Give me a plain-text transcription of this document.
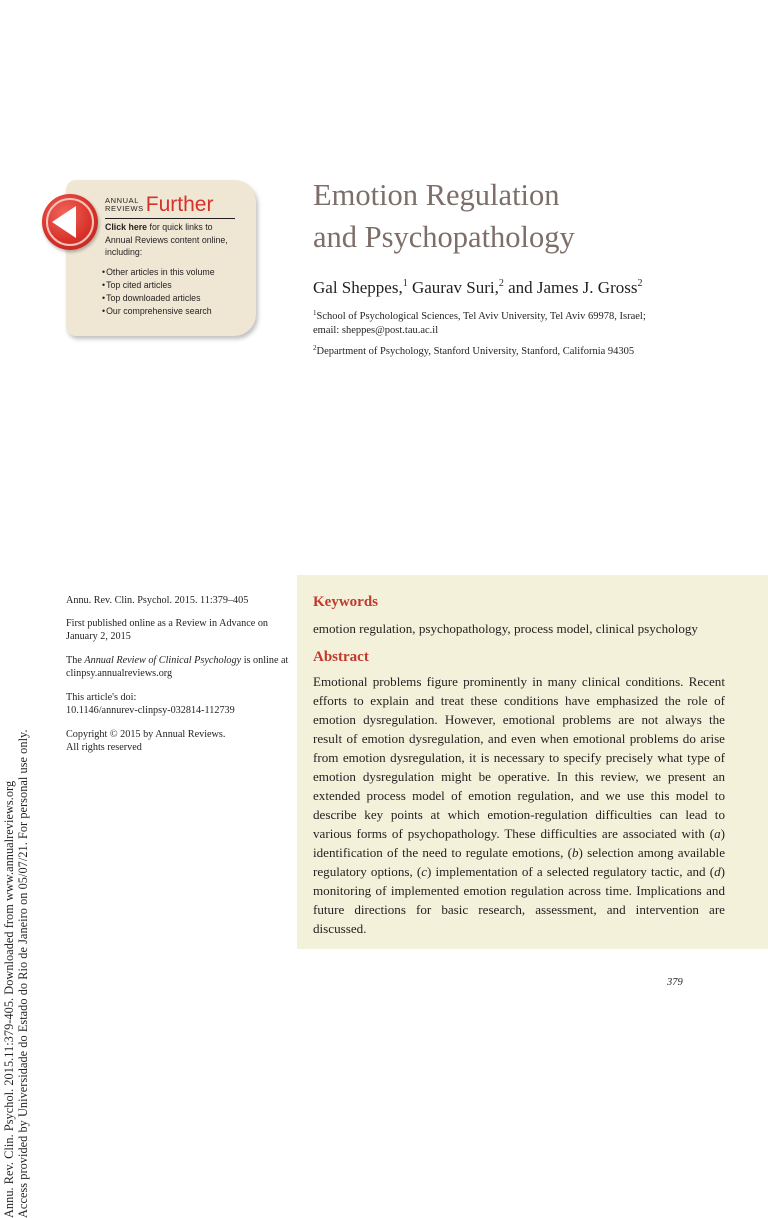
Annu. Rev. Clin. Psychol. 2015.11:379-405. Downloaded from www.annualreviews.org Access provided by Universidade do Estado do Rio de Janeiro on 05/07/21. For personal use only.
ANNUAL
REVIEWSFurther
Click here for quick links to
Annual Reviews content online,
including:
• Other articles in this volume
• Top cited articles
• Top downloaded articles
• Our comprehensive search
Emotion Regulation
and Psychopathology
Gal Sheppes,$^1$ Gaurav Suri,$^2$ and James J. Gross$^2$
$^1$School of Psychological Sciences, Tel Aviv University, Tel Aviv 69978, Israel;
email: sheppes@post.tau.ac.il
$^2$Department of Psychology, Stanford University, Stanford, California 94305
Annu. Rev. Clin. Psychol. 2015. 11:379–405
First published online as a Review in Advance on
January 2, 2015
The Annual Review of Clinical Psychology is online at
clinpsy.annualreviews.org
This article's doi:
10.1146/annurev-clinpsy-032814-112739
Copyright © 2015 by Annual Reviews.
All rights reserved
Keywords
emotion regulation, psychopathology, process model, clinical psychology
Abstract

Emotional problems figure prominently in many clinical conditions. Recent efforts to explain and treat these conditions have emphasized the role of emotion dysregulation. However, emotional problems are not always the result of emotion dysregulation, and even when emotional problems do arise from emotion dysregulation, it is necessary to specify precisely what type of emotion dysregulation might be operative. In this review, we present an extended process model of emotion regulation, and we use this model to describe key points at which emotion-regulation difficulties can lead to various forms of psychopathology. These difficulties are associated with (a) identification of the need to regulate emotions, (b) selection among available regulatory options, (c) implementation of a selected regulatory tactic, and (d) monitoring of implemented emotion regulation across time. Implications and future directions for basic research, assessment, and intervention are discussed.

379
